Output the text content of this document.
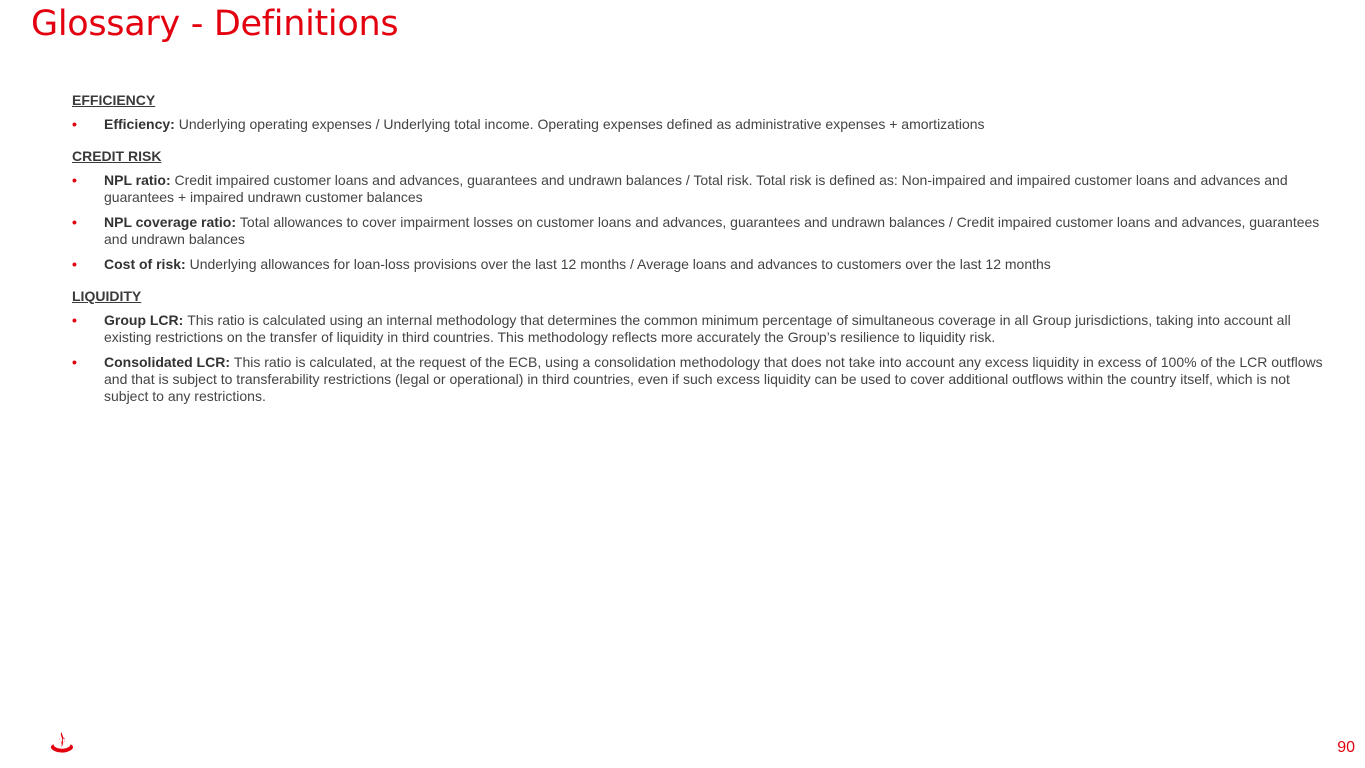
Glossary - Definitions
EFFICIENCY
• Efficiency: Underlying operating expenses / Underlying total income. Operating expenses defined as administrative expenses + amortizations
CREDIT RISK
• NPL ratio: Credit impaired customer loans and advances, guarantees and undrawn balances / Total risk. Total risk is defined as: Non-impaired and impaired customer loans and advances and guarantees + impaired undrawn customer balances
• NPL coverage ratio: Total allowances to cover impairment losses on customer loans and advances, guarantees and undrawn balances / Credit impaired customer loans and advances, guarantees and undrawn balances
• Cost of risk: Underlying allowances for loan-loss provisions over the last 12 months / Average loans and advances to customers over the last 12 months
LIQUIDITY
• Group LCR: This ratio is calculated using an internal methodology that determines the common minimum percentage of simultaneous coverage in all Group jurisdictions, taking into account all existing restrictions on the transfer of liquidity in third countries. This methodology reflects more accurately the Group’s resilience to liquidity risk.
• Consolidated LCR: This ratio is calculated, at the request of the ECB, using a consolidation methodology that does not take into account any excess liquidity in excess of 100% of the LCR outflows and that is subject to transferability restrictions (legal or operational) in third countries, even if such excess liquidity can be used to cover additional outflows within the country itself, which is not subject to any restrictions.
90
